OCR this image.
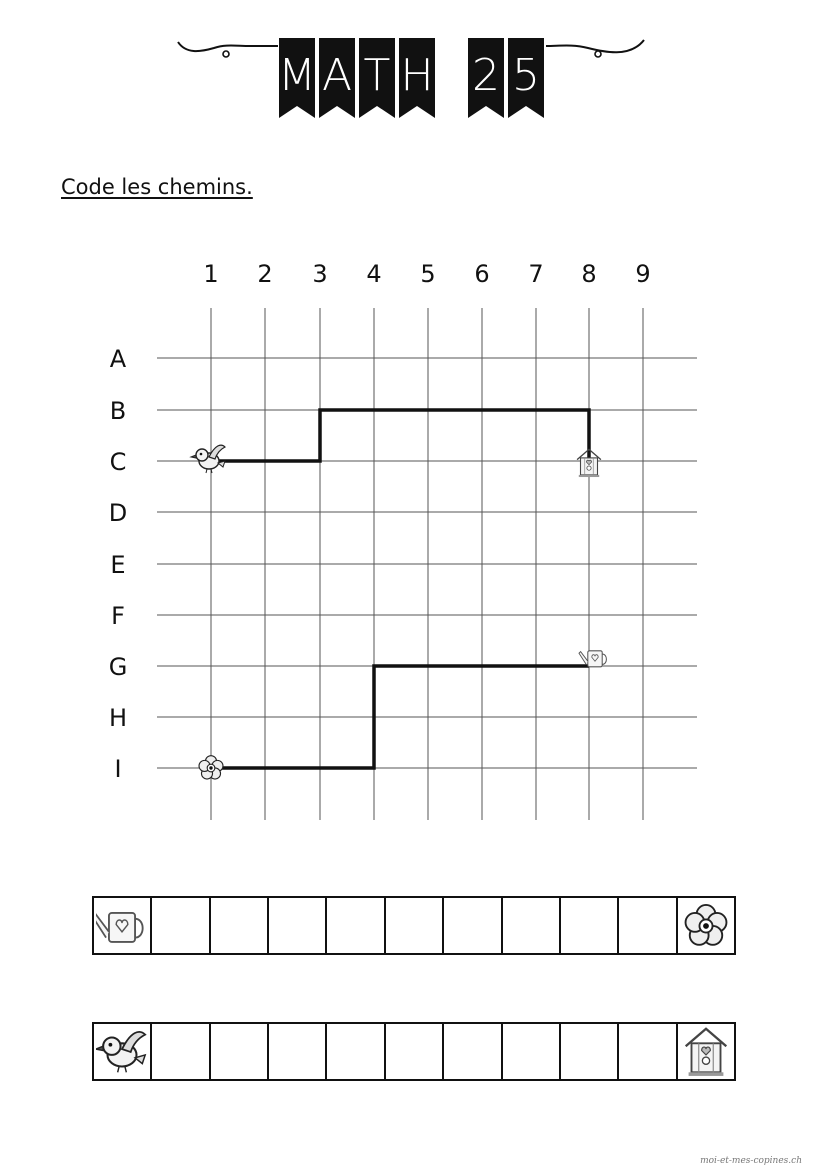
M A T H 2 5
Code les chemins.
1 2 3 4 5 6 7 8 9
A
B
C
D
E
F
G
H
I
moi-et-mes-copines.ch
